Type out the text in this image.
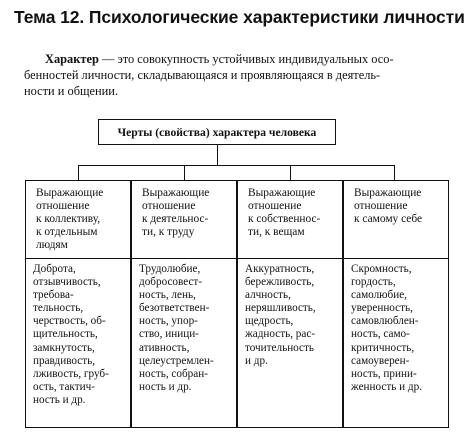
Тема 12. Психологические характеристики личности
Характер — это совокупность устойчивых индивидуальных осо-
бенностей личности, складывающаяся и проявляющаяся в деятель-
ности и общении.
Черты (свойства) характера человека
Выражающие
отношение
к коллективу,
к отдельным
людям
Доброта,
отзывчивость,
требова-
тельность,
черствость, об-
щительность,
замкнутость,
правдивость,
лживость, груб-
ость, тактич-
ность и др.
Выражающие
отношение
к деятельнос-
ти, к труду
Трудолюбие,
добросовест-
ность, лень,
безответствен-
ность, упор-
ство, иници-
ативность,
целеустремлен-
ность, собран-
ность и др.
Выражающие
отношение
к собственнос-
ти, к вещам
Аккуратность,
бережливость,
алчность,
неряшливость,
щедрость,
жадность, рас-
точительность
и др.
Выражающие
отношение
к самому себе
Скромность,
гордость,
самолюбие,
уверенность,
самовлюблен-
ность, само-
критичность,
самоуверен-
ность, прини-
женность и др.
